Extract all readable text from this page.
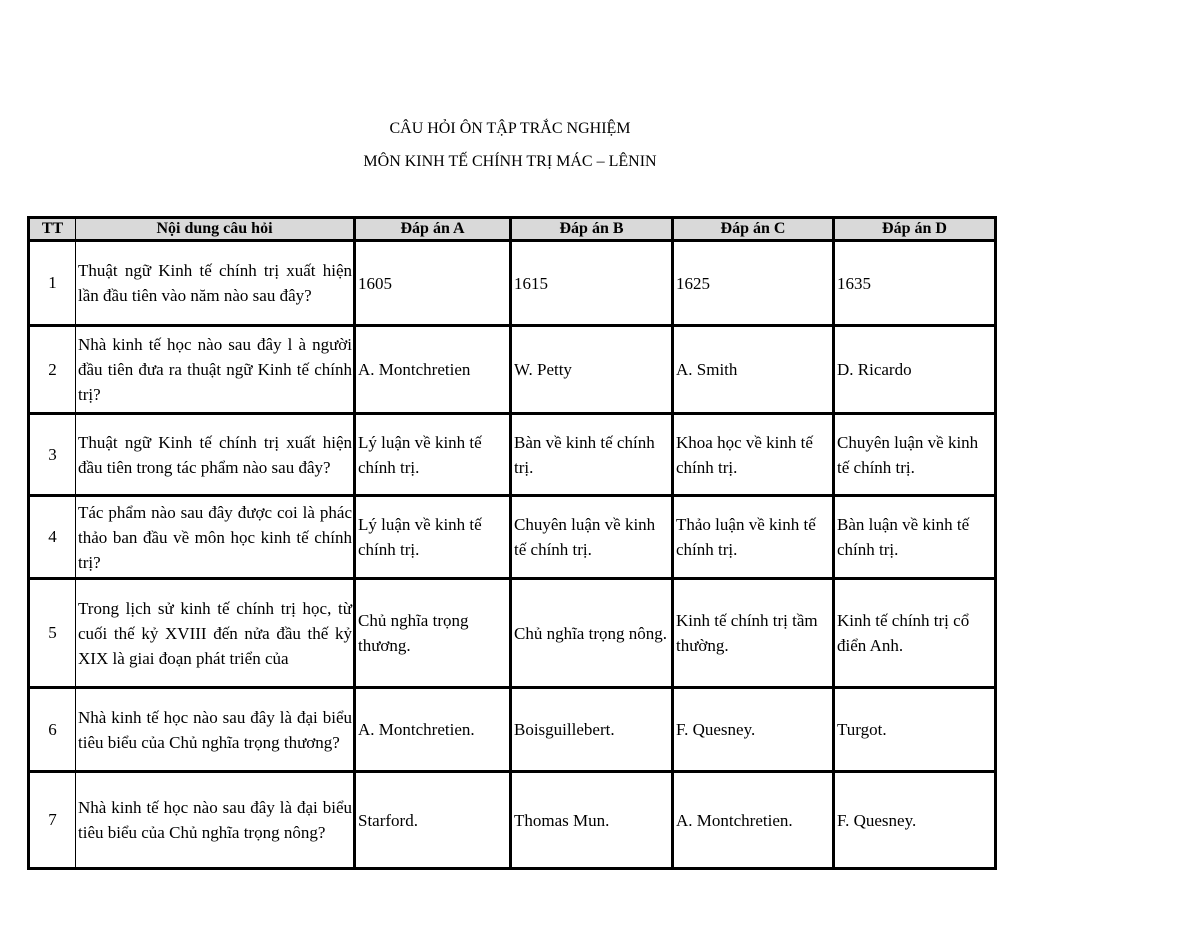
CÂU HỎI ÔN TẬP TRẮC NGHIỆM
MÔN KINH TẾ CHÍNH TRỊ MÁC – LÊNIN
TT	Nội dung câu hỏi	Đáp án A	Đáp án B	Đáp án C	Đáp án D
1	Thuật ngữ Kinh tế chính trị xuất hiện lần đầu tiên vào năm nào sau đây?	1605	1615	1625	1635
2	Nhà kinh tế học nào sau đây l à người đầu tiên đưa ra thuật ngữ Kinh tế chính trị?	A. Montchretien	W. Petty	A. Smith	D. Ricardo
3	Thuật ngữ Kinh tế chính trị xuất hiện đầu tiên trong tác phẩm nào sau đây?	Lý luận về kinh tế chính trị.	Bàn về kinh tế chính trị.	Khoa học về kinh tế chính trị.	Chuyên luận về kinh tế chính trị.
4	Tác phẩm nào sau đây được coi là phác thảo ban đầu về môn học kinh tế chính trị?	Lý luận về kinh tế chính trị.	Chuyên luận về kinh tế chính trị.	Thảo luận về kinh tế chính trị.	Bàn luận về kinh tế chính trị.
5	Trong lịch sử kinh tế chính trị học, từ cuối thế kỷ XVIII đến nửa đầu thế kỷ XIX là giai đoạn phát triển của	Chủ nghĩa trọng thương.	Chủ nghĩa trọng nông.	Kinh tế chính trị tầm thường.	Kinh tế chính trị cổ điển Anh.
6	Nhà kinh tế học nào sau đây là đại biểu tiêu biểu của Chủ nghĩa trọng thương?	A. Montchretien.	Boisguillebert.	F. Quesney.	Turgot.
7	Nhà kinh tế học nào sau đây là đại biểu tiêu biểu của Chủ nghĩa trọng nông?	Starford.	Thomas Mun.	A. Montchretien.	F. Quesney.
